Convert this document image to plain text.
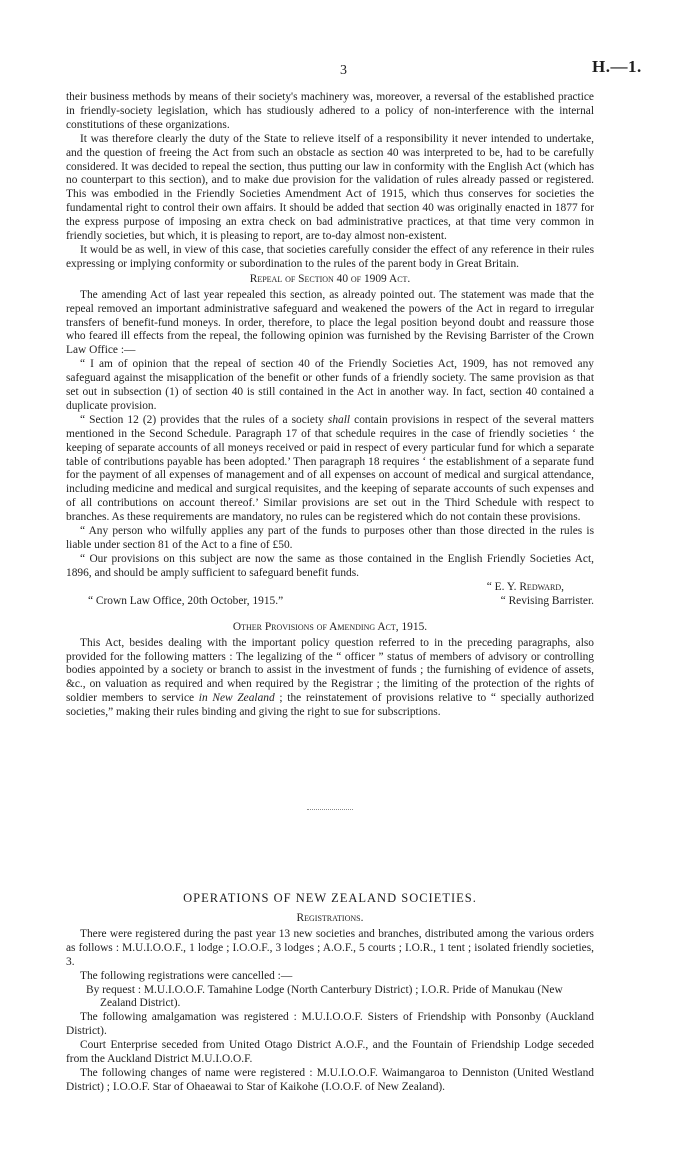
3	H.—1.

their business methods by means of their society's machinery was, moreover, a reversal of the established practice in friendly-society legislation, which has studiously adhered to a policy of non-interference with the internal constitutions of these organizations.

It was therefore clearly the duty of the State to relieve itself of a responsibility it never intended to undertake, and the question of freeing the Act from such an obstacle as section 40 was interpreted to be, had to be carefully considered. It was decided to repeal the section, thus putting our law in conformity with the English Act (which has no counterpart to this section), and to make due provision for the validation of rules already passed or registered. This was embodied in the Friendly Societies Amendment Act of 1915, which thus conserves for societies the fundamental right to control their own affairs. It should be added that section 40 was originally enacted in 1877 for the express purpose of imposing an extra check on bad administrative practices, at that time very common in friendly societies, but which, it is pleasing to report, are to-day almost non-existent.

It would be as well, in view of this case, that societies carefully consider the effect of any reference in their rules expressing or implying conformity or subordination to the rules of the parent body in Great Britain.

Repeal of Section 40 of 1909 Act.

The amending Act of last year repealed this section, as already pointed out. The statement was made that the repeal removed an important administrative safeguard and weakened the powers of the Act in regard to irregular transfers of benefit-fund moneys. In order, therefore, to place the legal position beyond doubt and reassure those who feared ill effects from the repeal, the following opinion was furnished by the Revising Barrister of the Crown Law Office :—

“ I am of opinion that the repeal of section 40 of the Friendly Societies Act, 1909, has not removed any safeguard against the misapplication of the benefit or other funds of a friendly society. The same provision as that set out in subsection (1) of section 40 is still contained in the Act in another way. In fact, section 40 contained a duplicate provision.

“ Section 12 (2) provides that the rules of a society shall contain provisions in respect of the several matters mentioned in the Second Schedule. Paragraph 17 of that schedule requires in the case of friendly societies ‘ the keeping of separate accounts of all moneys received or paid in respect of every particular fund for which a separate table of contributions payable has been adopted.’ Then paragraph 18 requires ‘ the establishment of a separate fund for the payment of all expenses of management and of all expenses on account of medical and surgical attendance, including medicine and medical and surgical requisites, and the keeping of separate accounts of such expenses and of all contributions on account thereof.’ Similar provisions are set out in the Third Schedule with respect to branches. As these requirements are mandatory, no rules can be registered which do not contain these provisions.

“ Any person who wilfully applies any part of the funds to purposes other than those directed in the rules is liable under section 81 of the Act to a fine of £50.

“ Our provisions on this subject are now the same as those contained in the English Friendly Societies Act, 1896, and should be amply sufficient to safeguard benefit funds.

“ E. Y. Redward,
“ Crown Law Office, 20th October, 1915.”	“ Revising Barrister.
Other Provisions of Amending Act, 1915.

This Act, besides dealing with the important policy question referred to in the preceding paragraphs, also provided for the following matters : The legalizing of the “ officer ” status of members of advisory or controlling bodies appointed by a society or branch to assist in the investment of funds ; the furnishing of evidence of assets, &c., on valuation as required and when required by the Registrar ; the limiting of the protection of the rights of soldier members to service in New Zealand ; the reinstatement of provisions relative to “ specially authorized societies,” making their rules binding and giving the right to sue for subscriptions.

OPERATIONS OF NEW ZEALAND SOCIETIES.
Registrations.

There were registered during the past year 13 new societies and branches, distributed among the various orders as follows : M.U.I.O.O.F., 1 lodge ; I.O.O.F., 3 lodges ; A.O.F., 5 courts ; I.O.R., 1 tent ; isolated friendly societies, 3.

The following registrations were cancelled :—

By request : M.U.I.O.O.F. Tamahine Lodge (North Canterbury District) ; I.O.R. Pride of Manukau (New Zealand District).

The following amalgamation was registered : M.U.I.O.O.F. Sisters of Friendship with Ponsonby (Auckland District).

Court Enterprise seceded from United Otago District A.O.F., and the Fountain of Friendship Lodge seceded from the Auckland District M.U.I.O.O.F.

The following changes of name were registered : M.U.I.O.O.F. Waimangaroa to Denniston (United Westland District) ; I.O.O.F. Star of Ohaeawai to Star of Kaikohe (I.O.O.F. of New Zealand).
